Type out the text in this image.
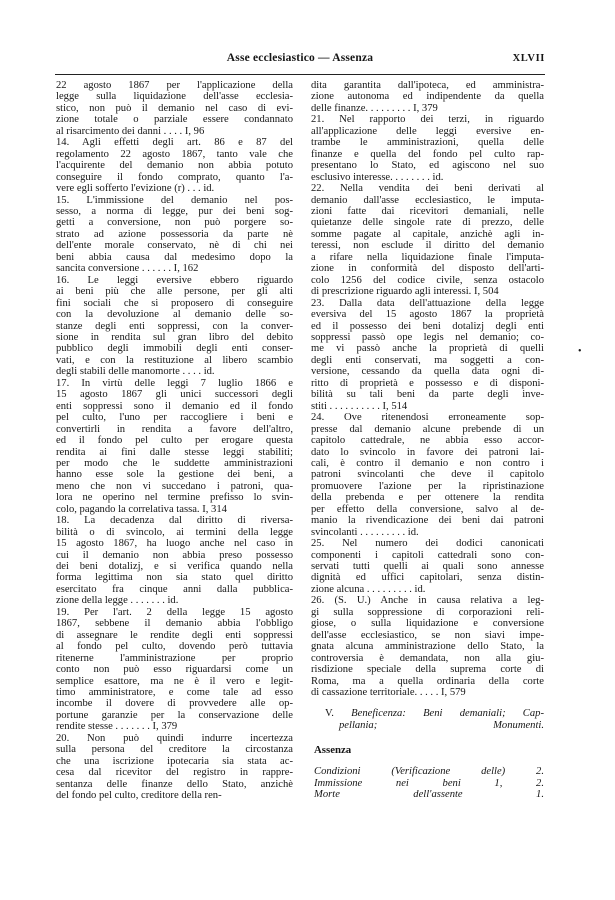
Asse ecclesiastico — Assenza	XLVII

22 agosto 1867 per l'applicazione della

legge sulla liquidazione dell'asse ecclesia-

stico, non può il demanio nel caso di evi-

zione totale o parziale essere condannato

al risarcimento dei danni . . . . I, 96

14. Agli effetti degli art. 86 e 87 del

regolamento 22 agosto 1867, tanto vale che

l'acquirente del demanio non abbia potuto

conseguire il fondo comprato, quanto l'a-

vere egli sofferto l'evizione (r) . . . id.

15. L'immissione del demanio nel pos-

sesso, a norma di legge, pur dei beni sog-

getti a conversione, non può porgere so-

strato ad azione possessoria da parte nè

dell'ente morale conservato, nè di chi nei

beni abbia causa dal medesimo dopo la

sancita conversione . . . . . . I, 162

16. Le leggi eversive ebbero riguardo

ai beni più che alle persone, per gli alti

fini sociali che si proposero di conseguire

con la devoluzione al demanio delle so-

stanze degli enti soppressi, con la conver-

sione in rendita sul gran libro del debito

pubblico degli immobili degli enti conser-

vati, e con la restituzione al libero scambio

degli stabili delle manomorte . . . . id.

17. In virtù delle leggi 7 luglio 1866 e

15 agosto 1867 gli unici successori degli

enti soppressi sono il demanio ed il fondo

pel culto, l'uno per raccogliere i beni e

convertirli in rendita a favore dell'altro,

ed il fondo pel culto per erogare questa

rendita ai fini dalle stesse leggi stabiliti;

per modo che le suddette amministrazioni

hanno esse sole la gestione dei beni, a

meno che non vi succedano i patroni, qua-

lora ne operino nel termine prefisso lo svin-

colo, pagando la correlativa tassa. I, 314

18. La decadenza dal diritto di riversa-

bilità o di svincolo, ai termini della legge

15 agosto 1867, ha luogo anche nel caso in

cui il demanio non abbia preso possesso

dei beni dotalizj, e si verifica quando nella

forma legittima non sia stato quel diritto

esercitato fra cinque anni dalla pubblica-

zione della legge . . . . . . . id.

19. Per l'art. 2 della legge 15 agosto

1867, sebbene il demanio abbia l'obbligo

di assegnare le rendite degli enti soppressi

al fondo pel culto, dovendo però tuttavia

ritenerne l'amministrazione per proprio

conto non può esso riguardarsi come un

semplice esattore, ma ne è il vero e legit-

timo amministratore, e come tale ad esso

incombe il dovere di provvedere alle op-

portune garanzie per la conservazione delle

rendite stesse . . . . . . . I, 379

20. Non può quindi indurre incertezza

sulla persona del creditore la circostanza

che una iscrizione ipotecaria sia stata ac-

cesa dal ricevitor del registro in rappre-

sentanza delle finanze dello Stato, anzichè

del fondo pel culto, creditore della ren-

dita garantita dall'ipoteca, ed amministra-

zione autonoma ed indipendente da quella

delle finanze. . . . . . . . . I, 379

21. Nel rapporto dei terzi, in riguardo

all'applicazione delle leggi eversive en-

trambe le amministrazioni, quella delle

finanze e quella del fondo pel culto rap-

presentano lo Stato, ed agiscono nel suo

esclusivo interesse. . . . . . . . id.

22. Nella vendita dei beni derivati al

demanio dall'asse ecclesiastico, le imputa-

zioni fatte dai ricevitori demaniali, nelle

quietanze delle singole rate di prezzo, delle

somme pagate al capitale, anzichè agli in-

teressi, non esclude il diritto del demanio

a rifare nella liquidazione finale l'imputa-

zione in conformità del disposto dell'arti-

colo 1256 del codice civile, senza ostacolo

di prescrizione riguardo agli interessi. I, 504

23. Dalla data dell'attuazione della legge

eversiva del 15 agosto 1867 la proprietà

ed il possesso dei beni dotalizj degli enti

soppressi passò ope legis nel demanio; co-

me vi passò anche la proprietà di quelli

degli enti conservati, ma soggetti a con-

versione, cessando da quella data ogni di-

ritto di proprietà e possesso e di disponi-

bilità su tali beni da parte degli inve-

stiti . . . . . . . . . . I, 514

24. Ove ritenendosi erroneamente sop-

presse dal demanio alcune prebende di un

capitolo cattedrale, ne abbia esso accor-

dato lo svincolo in favore dei patroni lai-

cali, è contro il demanio e non contro i

patroni svincolanti che deve il capitolo

promuovere l'azione per la ripristinazione

della prebenda e per ottenere la rendita

per effetto della conversione, salvo al de-

manio la rivendicazione dei beni dai patroni

svincolanti . . . . . . . . . id.

25. Nel numero dei dodici canonicati

componenti i capitoli cattedrali sono con-

servati tutti quelli ai quali sono annesse

dignità ed uffici capitolari, senza distin-

zione alcuna . . . . . . . . . id.

26. (S. U.) Anche in causa relativa a leg-

gi sulla soppressione di corporazioni reli-

giose, o sulla liquidazione e conversione

dell'asse ecclesiastico, se non siavi impe-

gnata alcuna amministrazione dello Stato, la

controversia è demandata, non alla giu-

risdizione speciale della suprema corte di

Roma, ma a quella ordinaria della corte

di cassazione territoriale. . . . . I, 579

V. Beneficenza: Beni demaniali; Cap-

pellania; Monumenti.

Assenza

Condizioni (Verificazione delle) 2.

Immissione nei beni 1, 2.

Morte dell'assente 1.

•
